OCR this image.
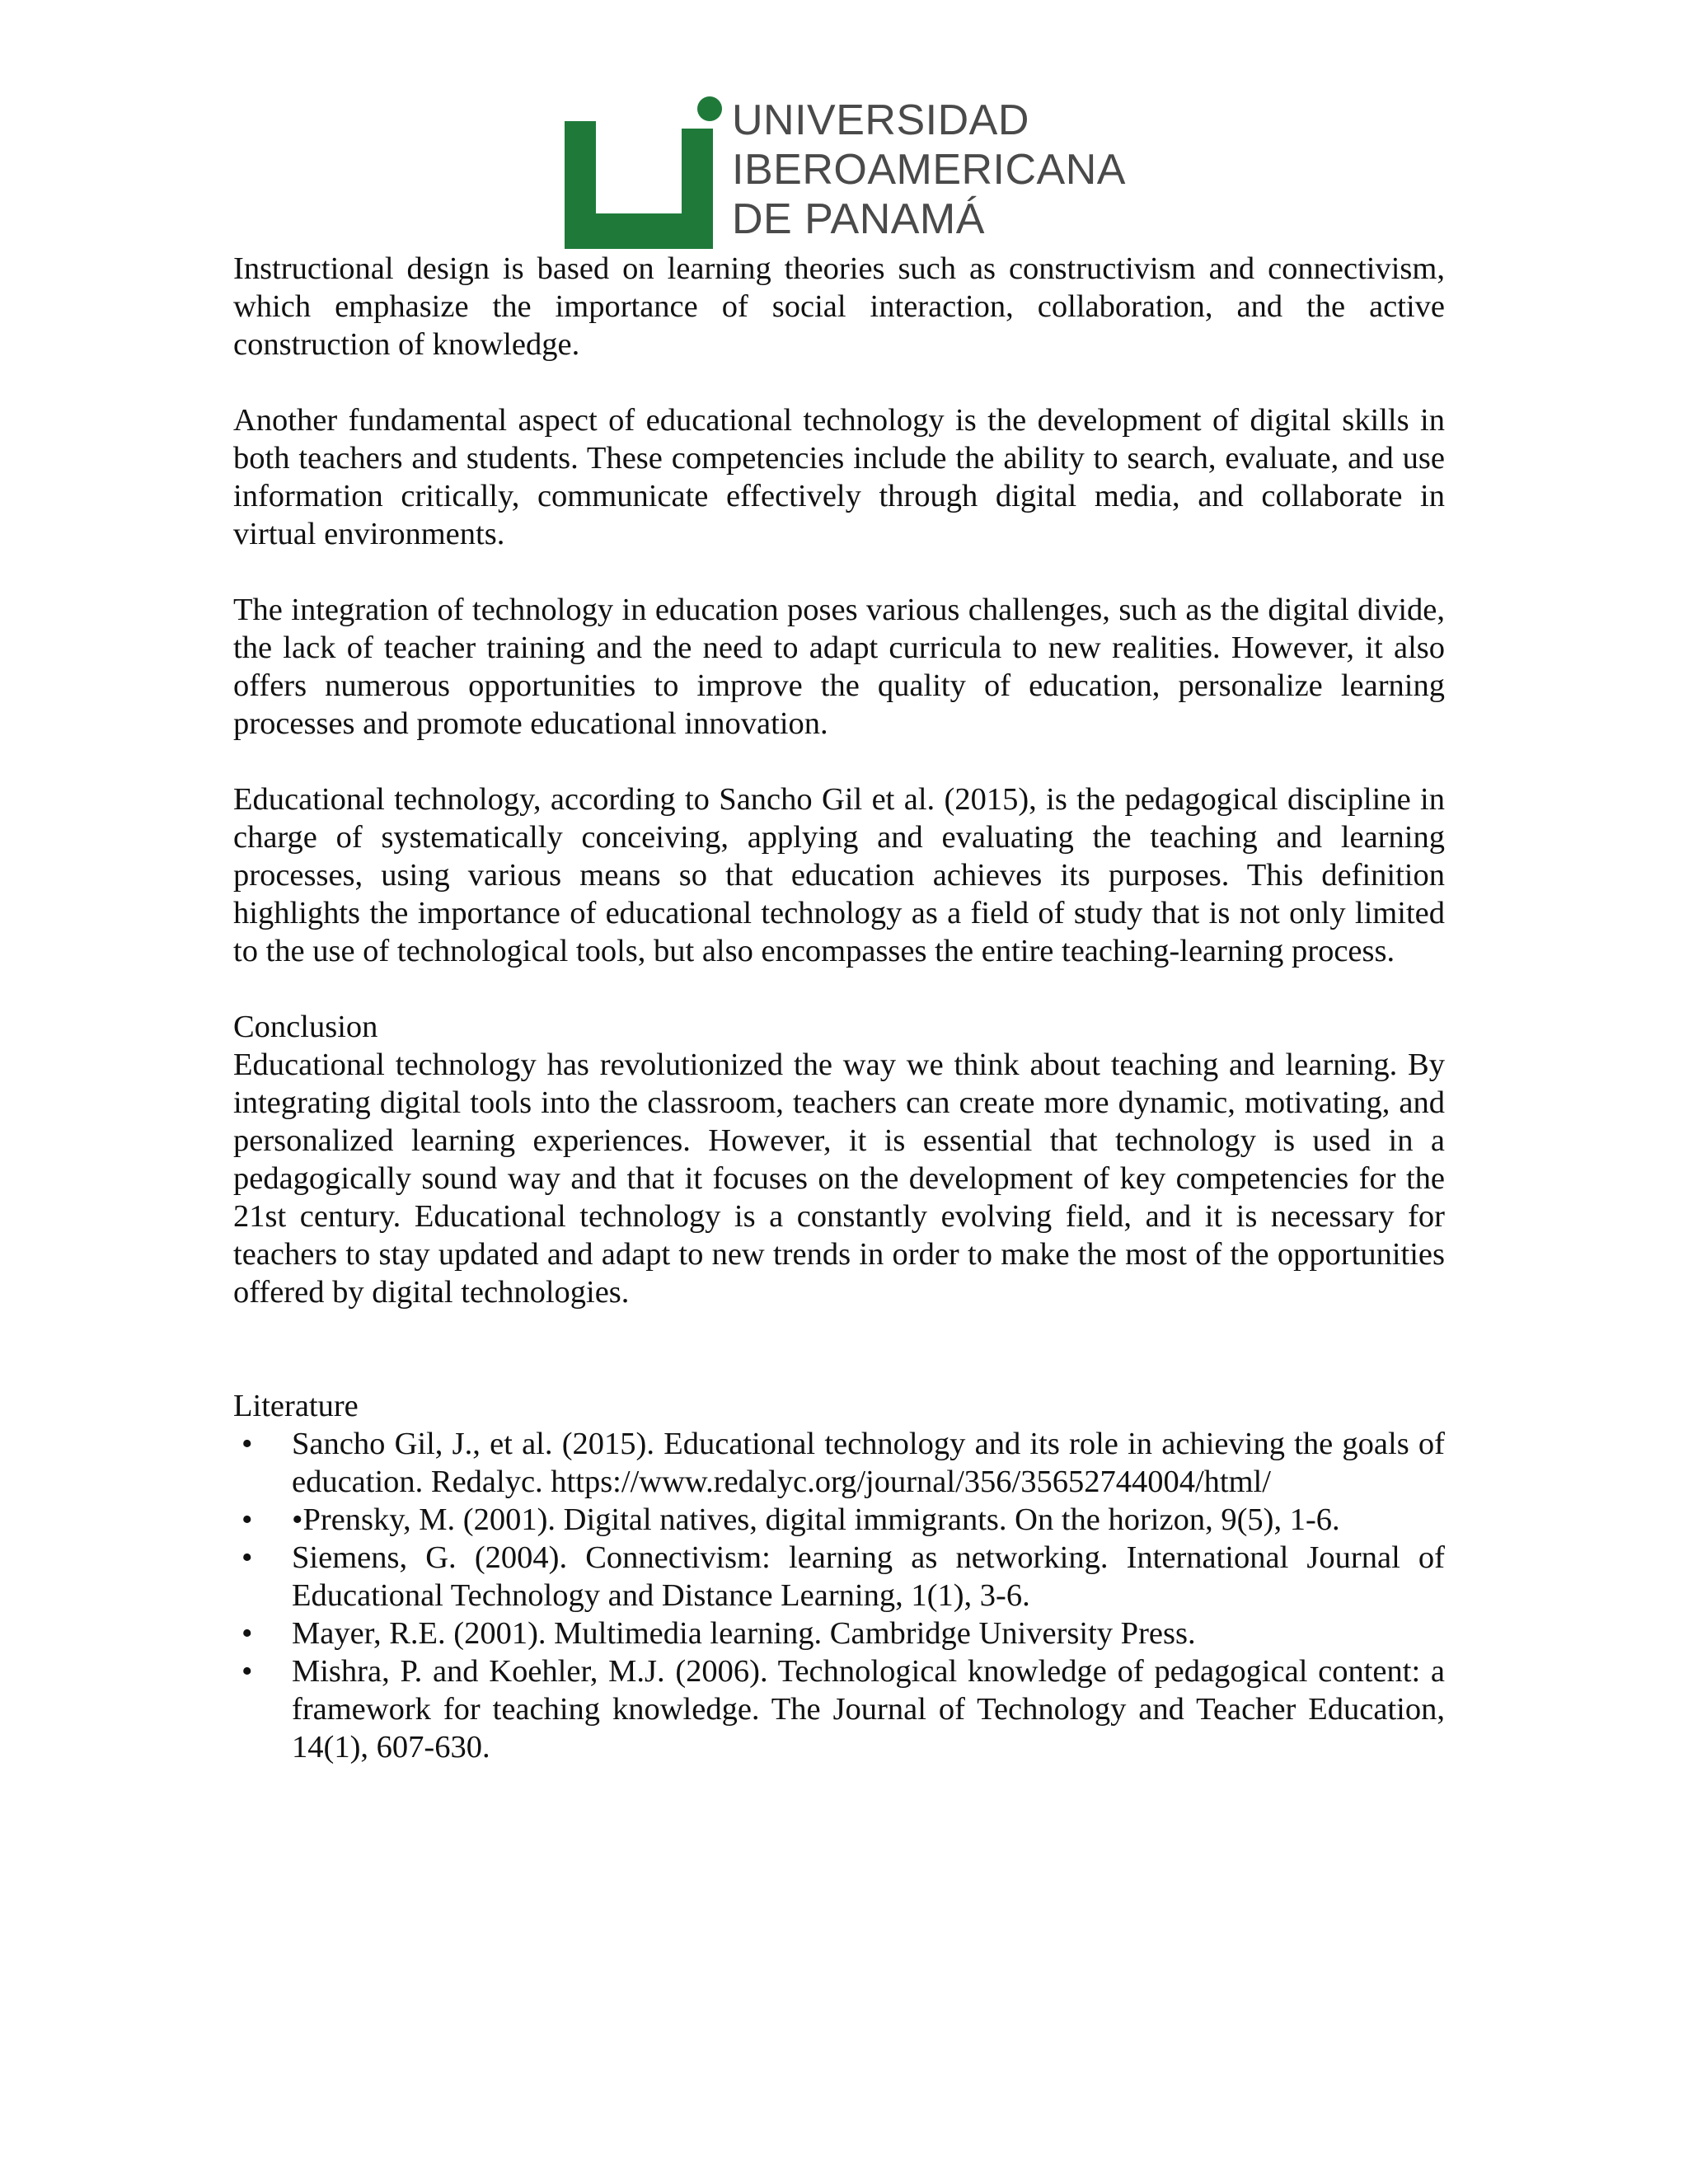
UNIVERSIDAD
IBEROAMERICANA
DE PANAMÁ

Instructional design is based on learning theories such as constructivism and connectivism, which emphasize the importance of social interaction, collaboration, and the active construction of knowledge.

Another fundamental aspect of educational technology is the development of digital skills in both teachers and students. These competencies include the ability to search, evaluate, and use information critically, communicate effectively through digital media, and collaborate in virtual environments.

The integration of technology in education poses various challenges, such as the digital divide, the lack of teacher training and the need to adapt curricula to new realities. However, it also offers numerous opportunities to improve the quality of education, personalize learning processes and promote educational innovation.

Educational technology, according to Sancho Gil et al. (2015), is the pedagogical discipline in charge of systematically conceiving, applying and evaluating the teaching and learning processes, using various means so that education achieves its purposes. This definition highlights the importance of educational technology as a field of study that is not only limited to the use of technological tools, but also encompasses the entire teaching-learning process.

Conclusion

Educational technology has revolutionized the way we think about teaching and learning. By integrating digital tools into the classroom, teachers can create more dynamic, motivating, and personalized learning experiences. However, it is essential that technology is used in a pedagogically sound way and that it focuses on the development of key competencies for the 21st century. Educational technology is a constantly evolving field, and it is necessary for teachers to stay updated and adapt to new trends in order to make the most of the opportunities offered by digital technologies.

Literature

• Sancho Gil, J., et al. (2015). Educational technology and its role in achieving the goals of education. Redalyc. https://www.redalyc.org/journal/356/35652744004/html/
• •Prensky, M. (2001). Digital natives, digital immigrants. On the horizon, 9(5), 1-6.
• Siemens, G. (2004). Connectivism: learning as networking. International Journal of Educational Technology and Distance Learning, 1(1), 3-6.
• Mayer, R.E. (2001). Multimedia learning. Cambridge University Press.
• Mishra, P. and Koehler, M.J. (2006). Technological knowledge of pedagogical content: a framework for teaching knowledge. The Journal of Technology and Teacher Education, 14(1), 607-630.
